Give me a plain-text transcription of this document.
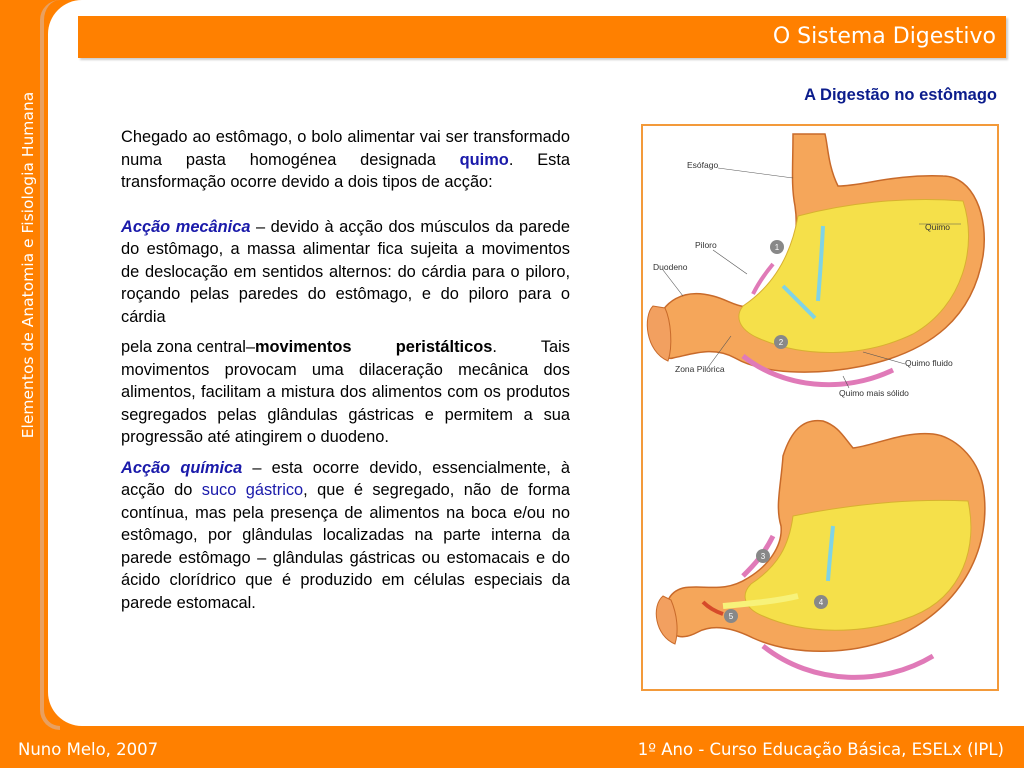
Elementos de Anatomia e Fisiologia Humana
O Sistema Digestivo
A Digestão no estômago

Chegado ao estômago, o bolo alimentar vai ser transformado numa pasta homogénea designada quimo. Esta transformação ocorre devido a dois tipos de acção:

Acção mecânica – devido à acção dos músculos da parede do estômago, a massa alimentar fica sujeita a movimentos de deslocação em sentidos alternos: do cárdia para o piloro, roçando pelas paredes do estômago, e do piloro para o cárdia
pela zona central–movimentos peristálticos. Tais movimentos provocam uma dilaceração mecânica dos alimentos, facilitam a mistura dos alimentos com os produtos segregados pelas glândulas gástricas e permitem a sua progressão até atingirem o duodeno.

Acção química – esta ocorre devido, essencialmente, à acção do suco gástrico, que é segregado, não de forma contínua, mas pela presença de alimentos na boca e/ou no estômago, por glândulas localizadas na parte interna da parede estômago – glândulas gástricas ou estomacais e do ácido clorídrico que é produzido em células especiais da parede estomacal.

1
2
Esófago
Quimo
Piloro
Duodeno
Zona Pilórica
Quimo fluido
Quimo mais sólido
3
4
5
Nuno Melo, 2007	1º Ano - Curso Educação Básica, ESELx (IPL)
